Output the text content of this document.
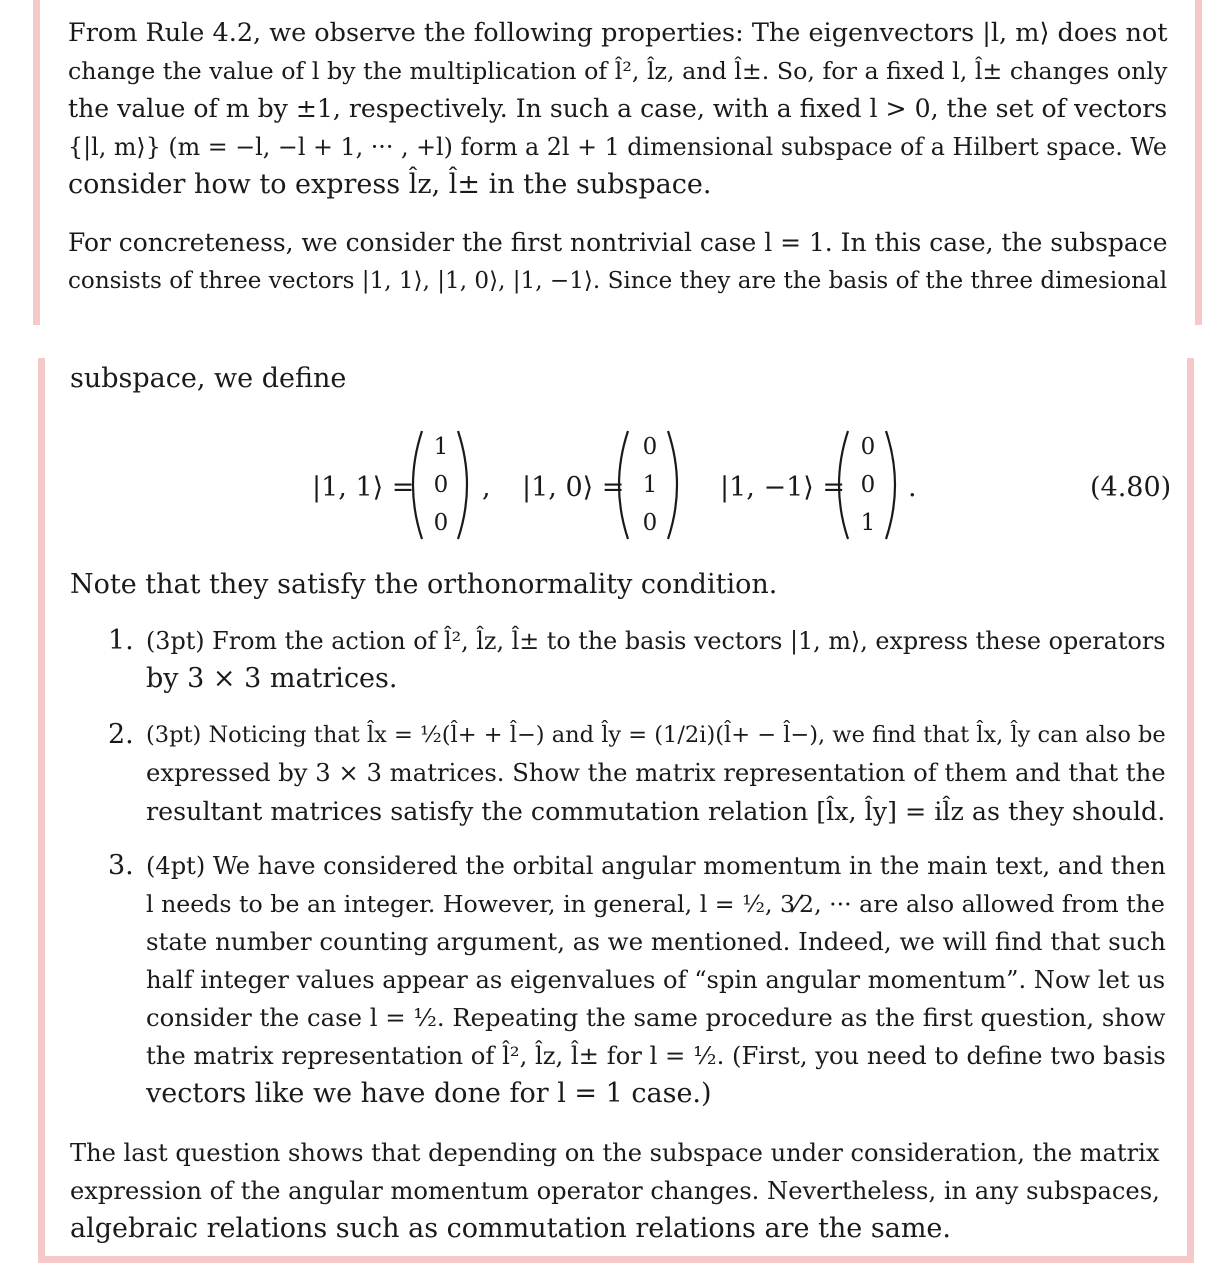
From Rule 4.2, we observe the following properties: The eigenvectors |l, m⟩ does not
change the value of l by the multiplication of l̂², l̂z, and l̂±. So, for a fixed l, l̂± changes only
the value of m by ±1, respectively. In such a case, with a fixed l > 0, the set of vectors
{|l, m⟩} (m = −l, −l + 1, ··· , +l) form a 2l + 1 dimensional subspace of a Hilbert space. We
consider how to express l̂z, l̂± in the subspace.
For concreteness, we consider the first nontrivial case l = 1. In this case, the subspace
consists of three vectors |1, 1⟩, |1, 0⟩, |1, −1⟩. Since they are the basis of the three dimesional
subspace, we define
|1, 1⟩ =
1
0
0
, |1, 0⟩ =
0
1
0
|1, −1⟩ =
0
0
1
.	(4.80)
Note that they satisfy the orthonormality condition.
1. (3pt) From the action of l̂², l̂z, l̂± to the basis vectors |1, m⟩, express these operators
by 3 × 3 matrices.
2. (3pt) Noticing that l̂x = ½(l̂+ + l̂−) and l̂y = (1/2i)(l̂+ − l̂−), we find that l̂x, l̂y can also be
expressed by 3 × 3 matrices. Show the matrix representation of them and that the
resultant matrices satisfy the commutation relation [l̂x, l̂y] = il̂z as they should.
3. (4pt) We have considered the orbital angular momentum in the main text, and then
l needs to be an integer. However, in general, l = ½, 3⁄2, ··· are also allowed from the
state number counting argument, as we mentioned. Indeed, we will find that such
half integer values appear as eigenvalues of “spin angular momentum”. Now let us
consider the case l = ½. Repeating the same procedure as the first question, show
the matrix representation of l̂², l̂z, l̂± for l = ½. (First, you need to define two basis
vectors like we have done for l = 1 case.)
The last question shows that depending on the subspace under consideration, the matrix
expression of the angular momentum operator changes. Nevertheless, in any subspaces,
algebraic relations such as commutation relations are the same.
